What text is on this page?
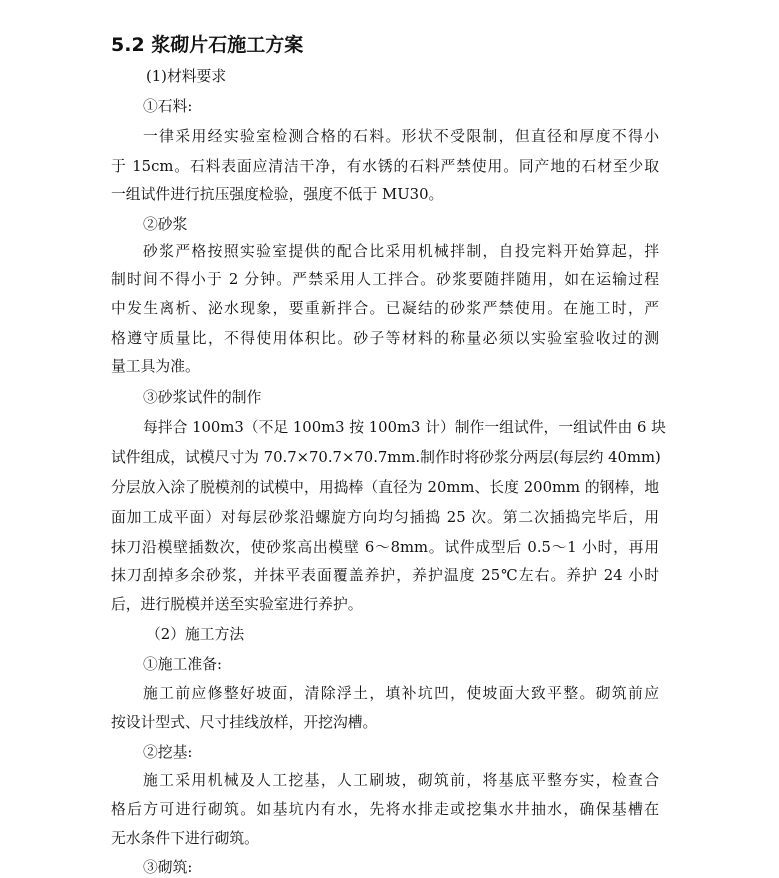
5.2 浆砌片石施工方案
(1)材料要求
①石料:
一律采用经实验室检测合格的石料。形状不受限制，但直径和厚度不得小
于 15cm。石料表面应清洁干净，有水锈的石料严禁使用。同产地的石材至少取
一组试件进行抗压强度检验，强度不低于 MU30。
②砂浆
砂浆严格按照实验室提供的配合比采用机械拌制，自投完料开始算起，拌
制时间不得小于 2 分钟。严禁采用人工拌合。砂浆要随拌随用，如在运输过程
中发生离析、泌水现象，要重新拌合。已凝结的砂浆严禁使用。在施工时，严
格遵守质量比，不得使用体积比。砂子等材料的称量必须以实验室验收过的测
量工具为准。
③砂浆试件的制作
每拌合 100m3（不足 100m3 按 100m3 计）制作一组试件，一组试件由 6 块
试件组成，试模尺寸为 70.7×70.7×70.7mm.制作时将砂浆分两层(每层约 40mm)
分层放入涂了脱模剂的试模中，用捣棒（直径为 20mm、长度 200mm 的钢棒，地
面加工成平面）对每层砂浆沿螺旋方向均匀插捣 25 次。第二次插捣完毕后，用
抹刀沿模壁插数次，使砂浆高出模壁 6～8mm。试件成型后 0.5～1 小时，再用
抹刀刮掉多余砂浆，并抹平表面覆盖养护，养护温度 25℃左右。养护 24 小时
后，进行脱模并送至实验室进行养护。
（2）施工方法
①施工准备:
施工前应修整好坡面，清除浮土，填补坑凹，使坡面大致平整。砌筑前应
按设计型式、尺寸挂线放样，开挖沟槽。
②挖基:
施工采用机械及人工挖基，人工刷坡，砌筑前，将基底平整夯实，检查合
格后方可进行砌筑。如基坑内有水，先将水排走或挖集水井抽水，确保基槽在
无水条件下进行砌筑。
③砌筑:
